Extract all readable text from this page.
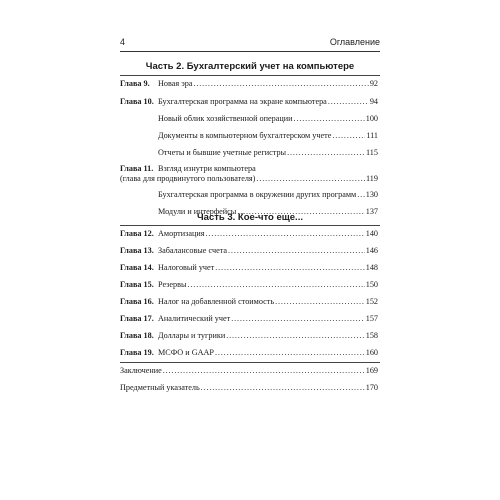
4	Оглавление
Часть 2. Бухгалтерский учет на компьютере
Глава 9.	Новая эра . . .	92
Глава 10. Бухгалтерская программа на экране компьютера . . .	94
Новый облик хозяйственной операции . . .	100
Документы в компьютерном бухгалтерском учете . . .	111
Отчеты и бывшие учетные регистры . . .	115
Глава 11. Взгляд изнутри компьютера
(глава для продвинутого пользователя) . . .	119
Бухгалтерская программа в окружении других программ . . . 130
Модули и интерфейсы . . .	137
Часть 3. Кое-что еще...
Глава 12. Амортизация . . .	140
Глава 13. Забалансовые счета . . .	146
Глава 14. Налоговый учет . . .	148
Глава 15. Резервы . . .	150
Глава 16. Налог на добавленной стоимость . . .	152
Глава 17. Аналитический учет . . .	157
Глава 18. Доллары и тугрики . . .	158
Глава 19. МСФО и GAAP . . .	160
Заключение . . .	169
Предметный указатель . . .	170
